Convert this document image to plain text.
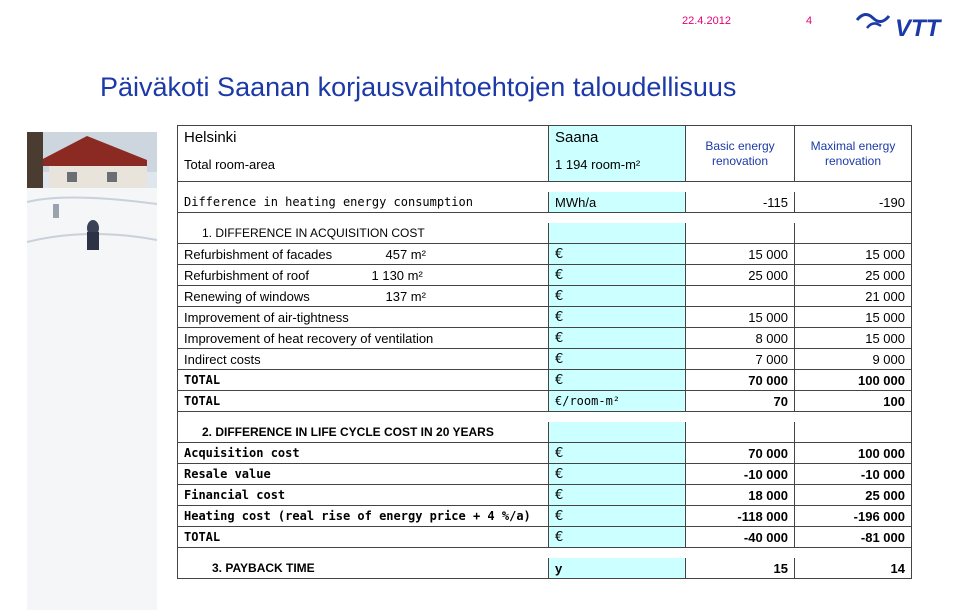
22.4.2012	4	VTT
Päiväkoti Saanan korjausvaihtoehtojen taloudellisuus
Helsinki	Saana	Basic energy renovation	Maximal energy renovation

Total room-area	1 194 room-m²		

Difference in heating energy consumption	MWh/a	-115	-190

1. DIFFERENCE IN ACQUISITION COST			
Refurbishment of facades 457 m²	€	15 000	15 000
Refurbishment of roof 1 130 m²	€	25 000	25 000
Renewing of windows 137 m²	€		21 000
Improvement of air-tightness	€	15 000	15 000
Improvement of heat recovery of ventilation	€	8 000	15 000
Indirect costs	€	7 000	9 000
TOTAL	€	70 000	100 000
TOTAL	€/room-m²	70	100

2. DIFFERENCE IN LIFE CYCLE COST IN 20 YEARS			
Acquisition cost	€	70 000	100 000
Resale value	€	-10 000	-10 000
Financial cost	€	18 000	25 000
Heating cost (real rise of energy price + 4 %/a)	€	-118 000	-196 000
TOTAL	€	-40 000	-81 000

3. PAYBACK TIME	y	15	14
